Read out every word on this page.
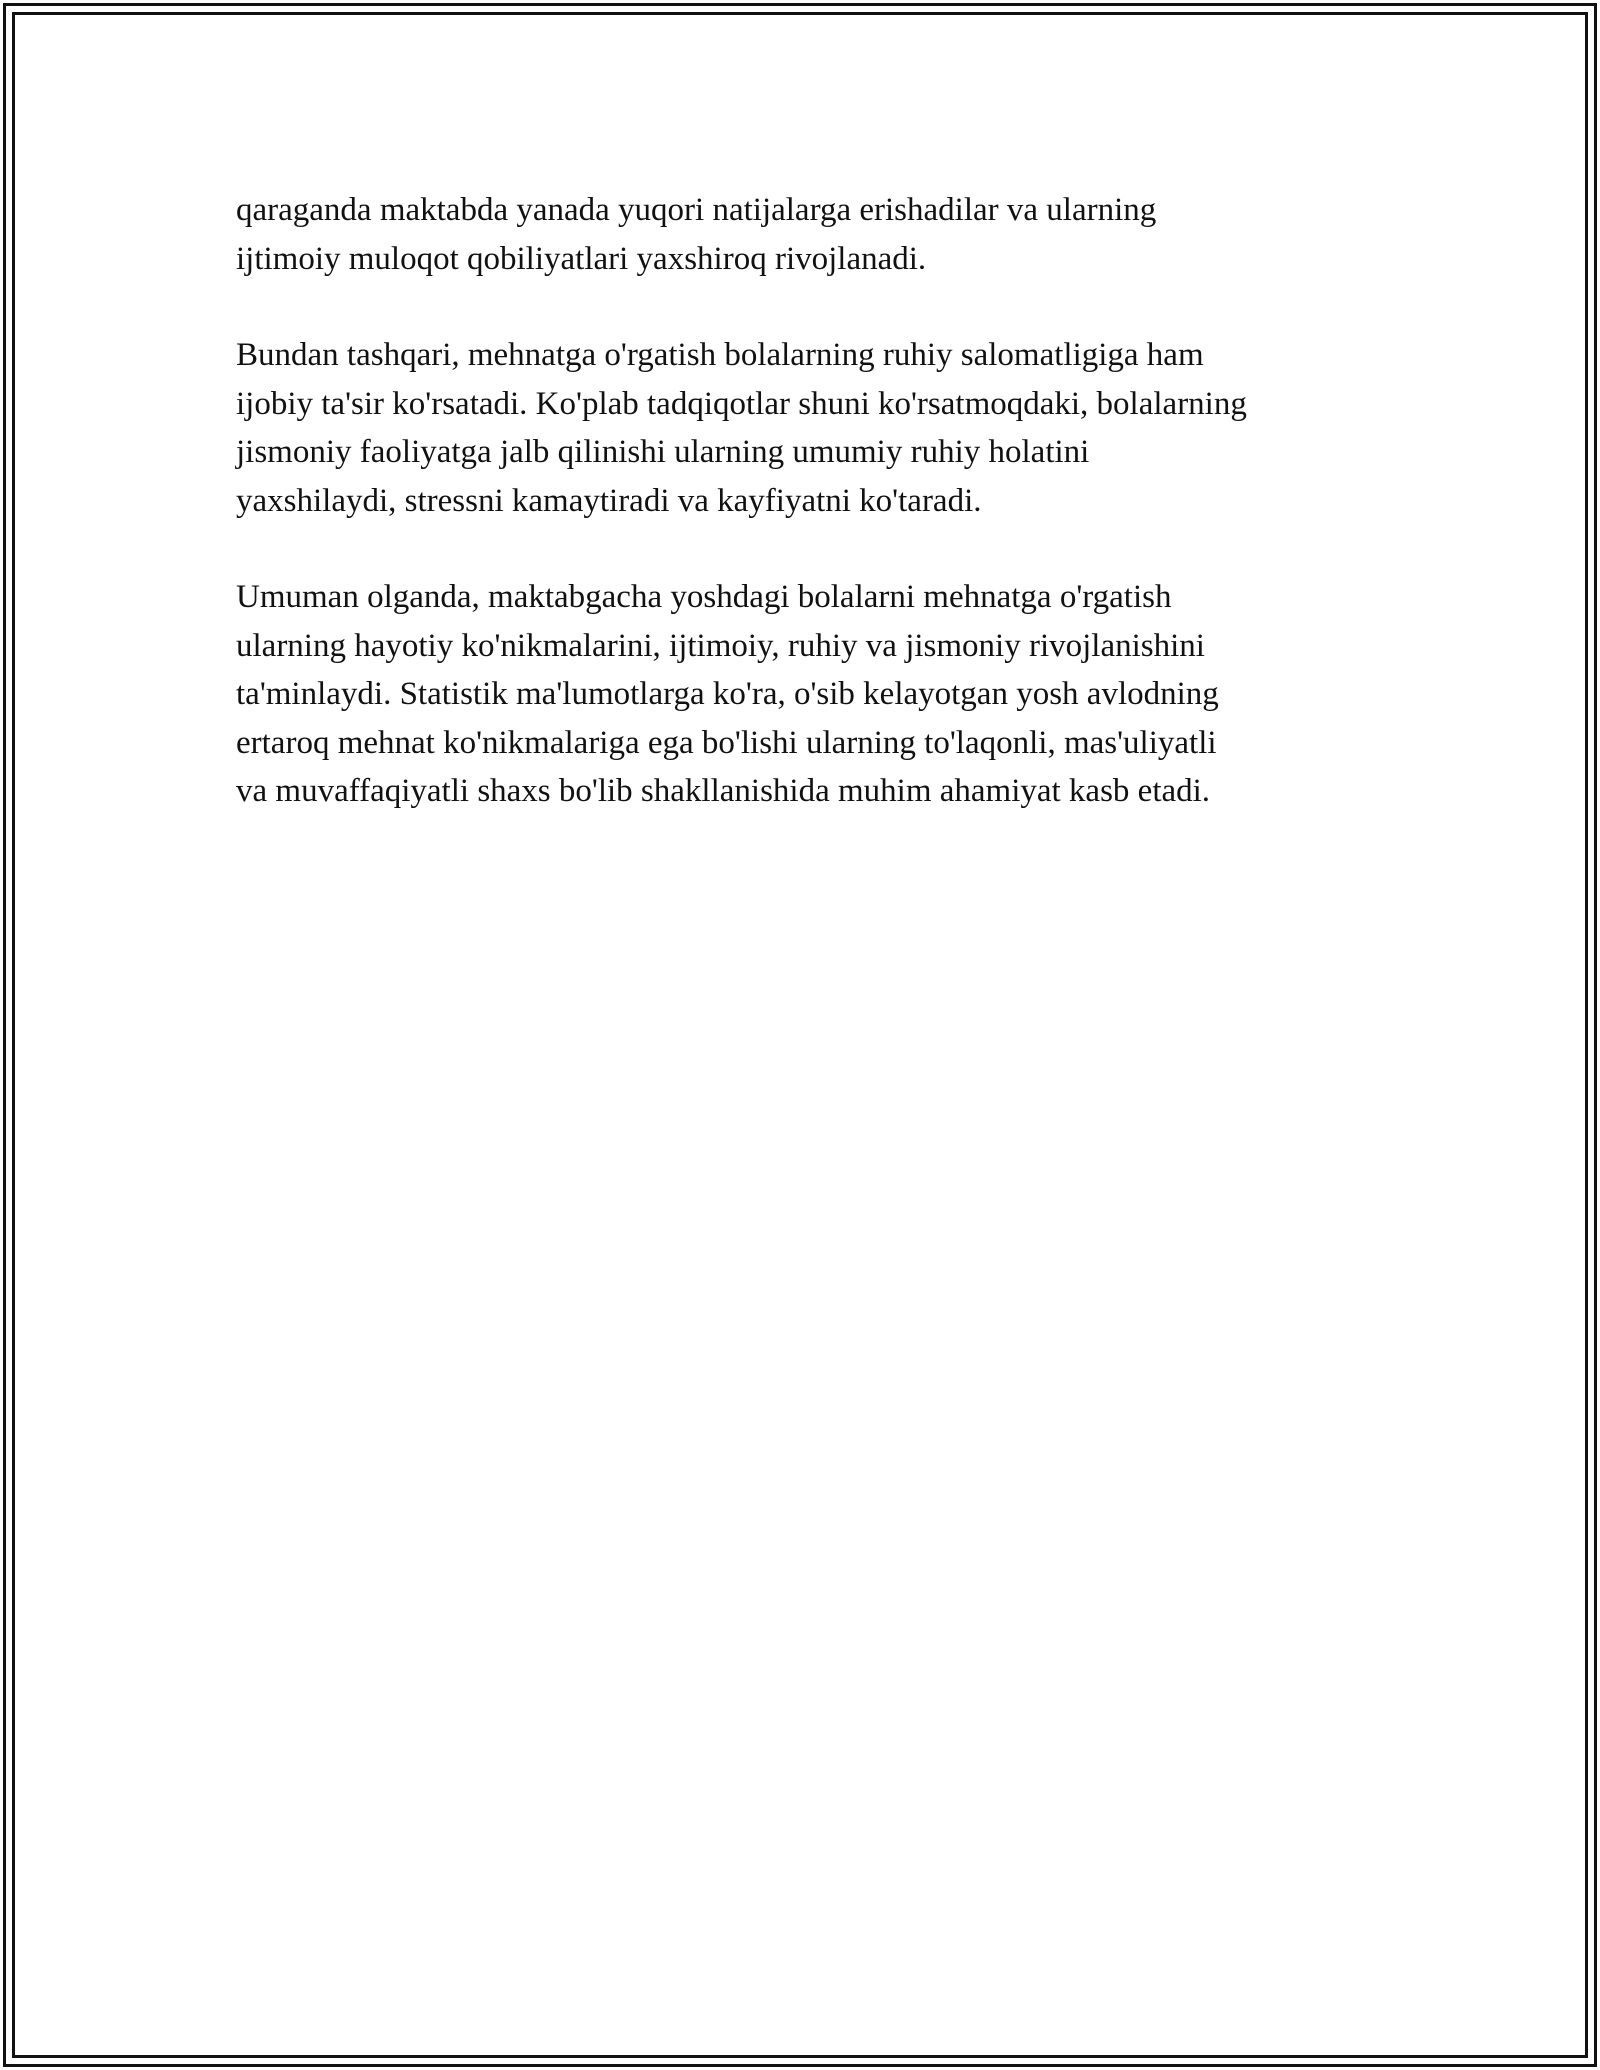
qaraganda maktabda yanada yuqori natijalarga erishadilar va ularning
ijtimoiy muloqot qobiliyatlari yaxshiroq rivojlanadi.

Bundan tashqari, mehnatga o'rgatish bolalarning ruhiy salomatligiga ham
ijobiy ta'sir ko'rsatadi. Ko'plab tadqiqotlar shuni ko'rsatmoqdaki, bolalarning
jismoniy faoliyatga jalb qilinishi ularning umumiy ruhiy holatini
yaxshilaydi, stressni kamaytiradi va kayfiyatni ko'taradi.

Umuman olganda, maktabgacha yoshdagi bolalarni mehnatga o'rgatish
ularning hayotiy ko'nikmalarini, ijtimoiy, ruhiy va jismoniy rivojlanishini
ta'minlaydi. Statistik ma'lumotlarga ko'ra, o'sib kelayotgan yosh avlodning
ertaroq mehnat ko'nikmalariga ega bo'lishi ularning to'laqonli, mas'uliyatli
va muvaffaqiyatli shaxs bo'lib shakllanishida muhim ahamiyat kasb etadi.
